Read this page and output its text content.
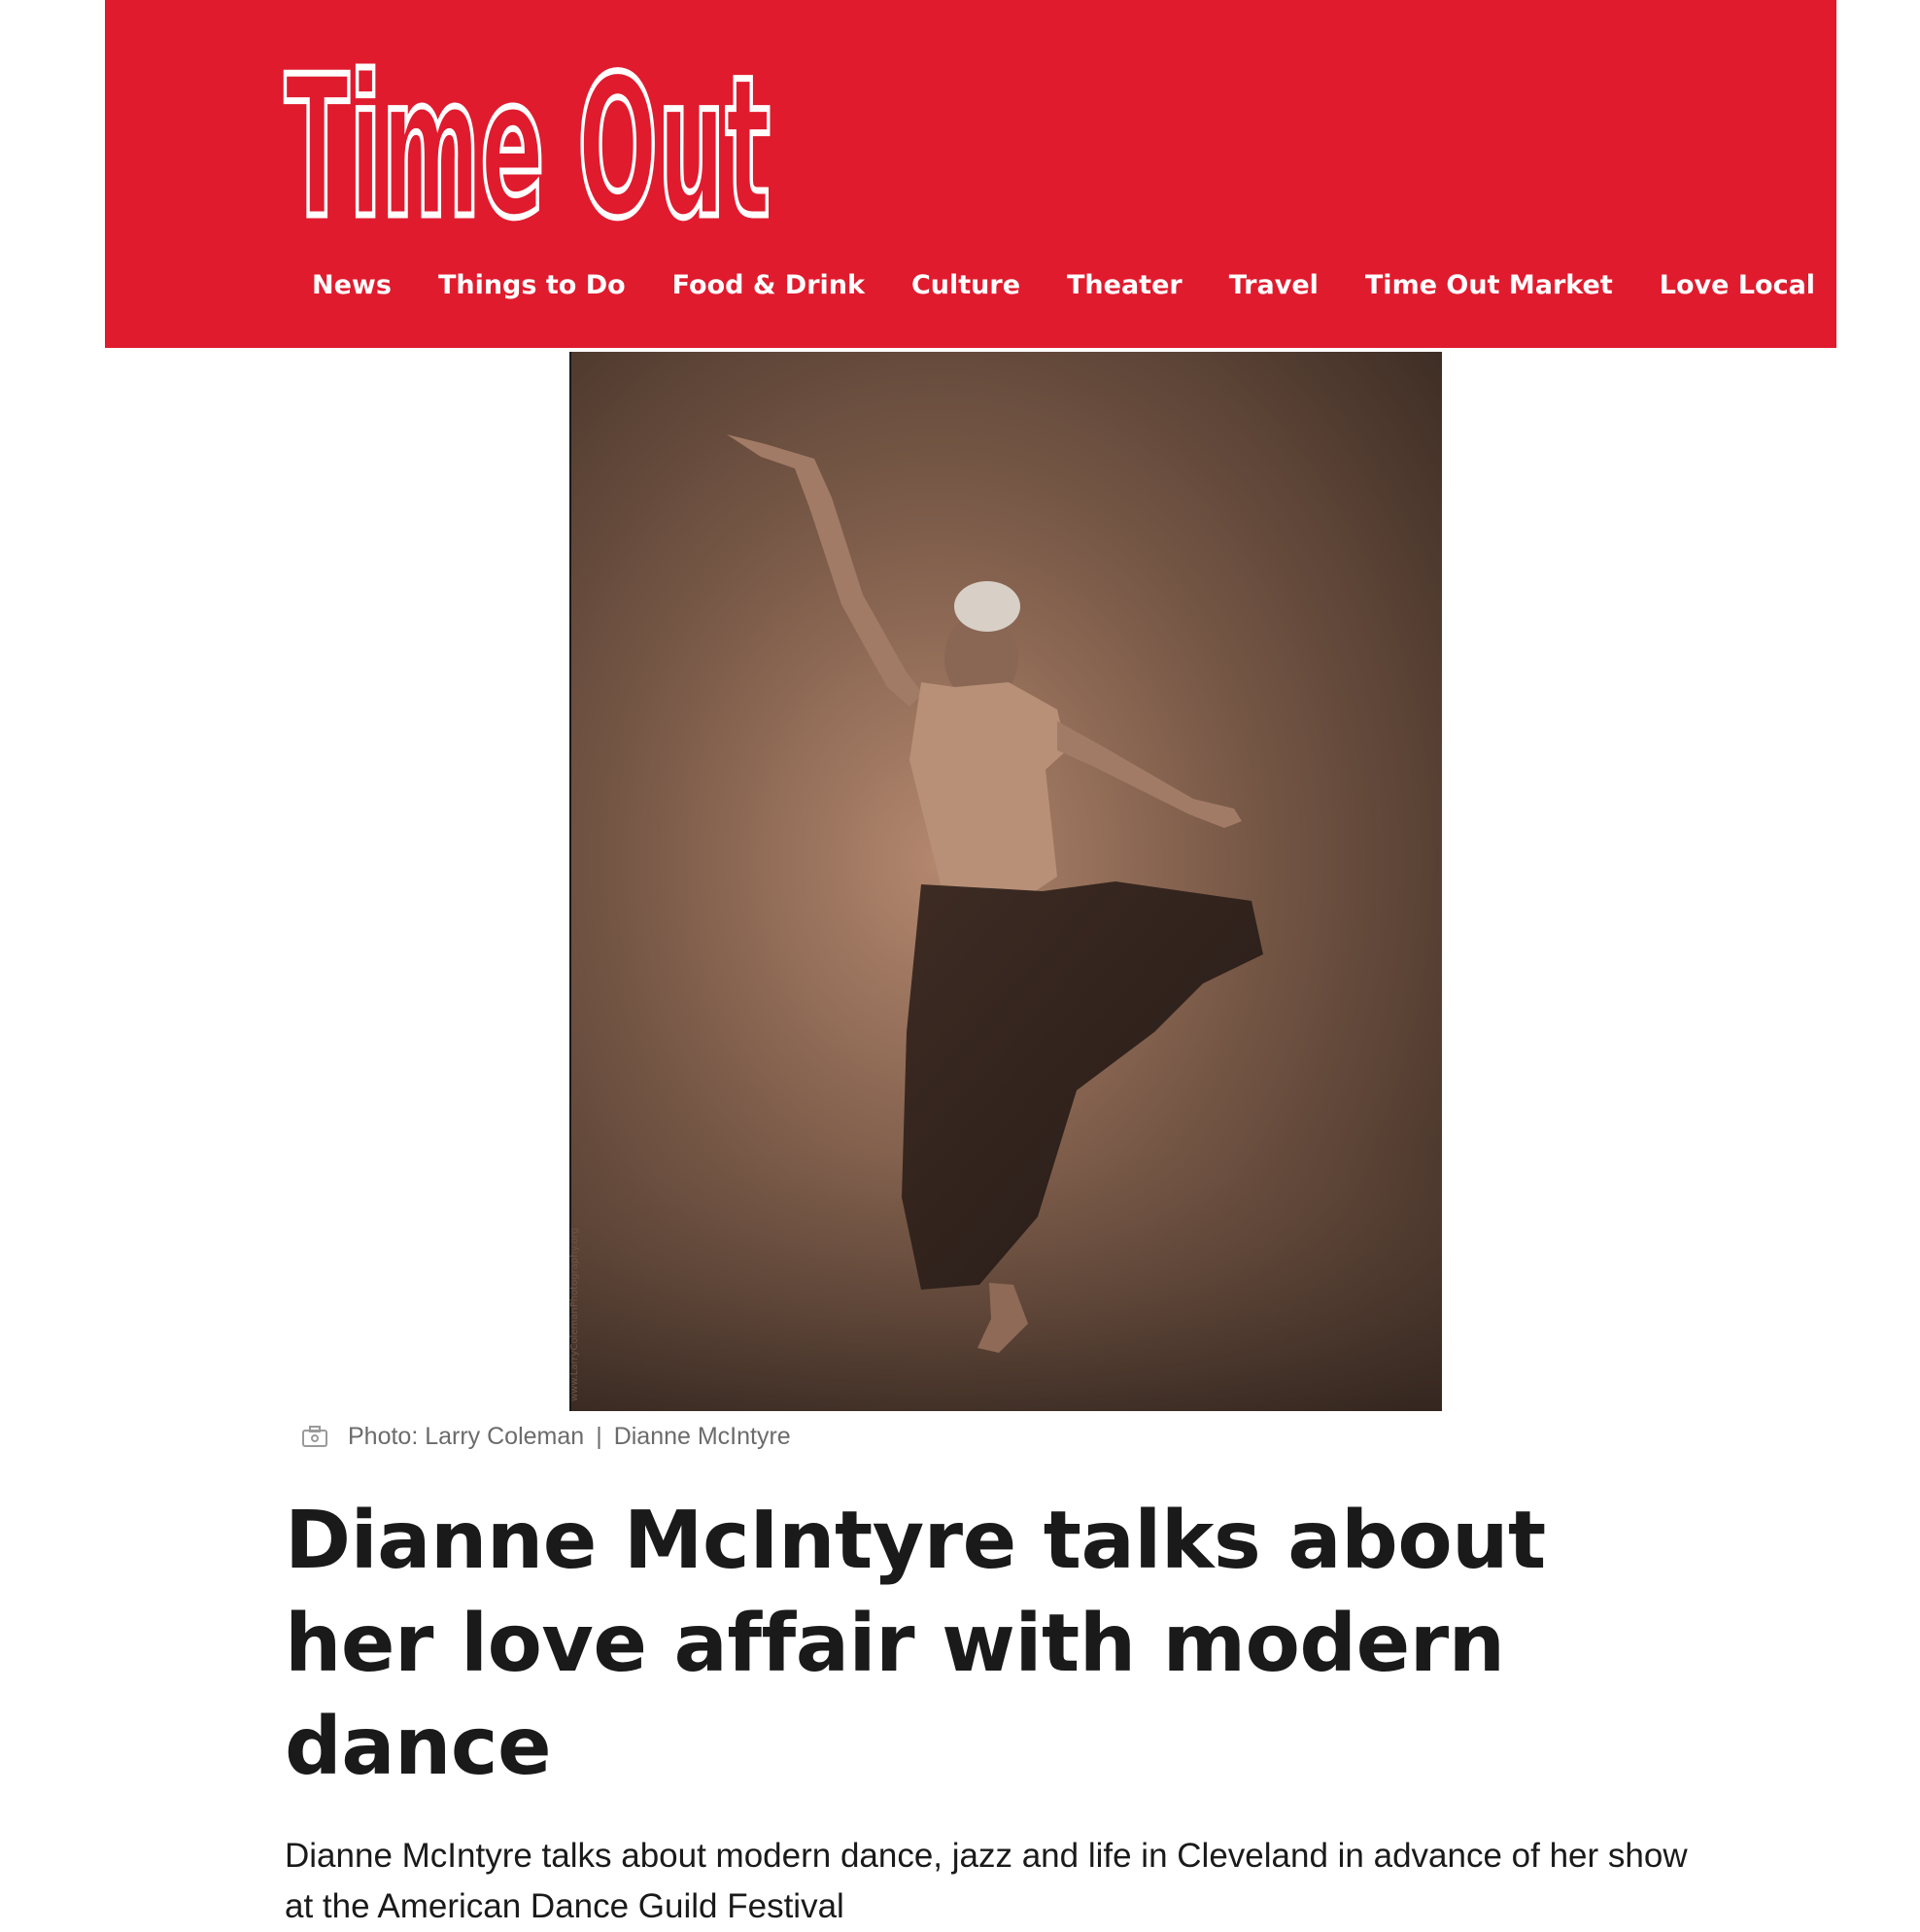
Time Out
News Things to Do Food & Drink Culture Theater Travel Time Out Market Love Local I
www.LarryColemanPhotography.org
Photo: Larry Coleman | Dianne McIntyre
Dianne McIntyre talks about her love affair with modern dance

Dianne McIntyre talks about modern dance, jazz and life in Cleveland in advance of her show at the American Dance Guild Festival
